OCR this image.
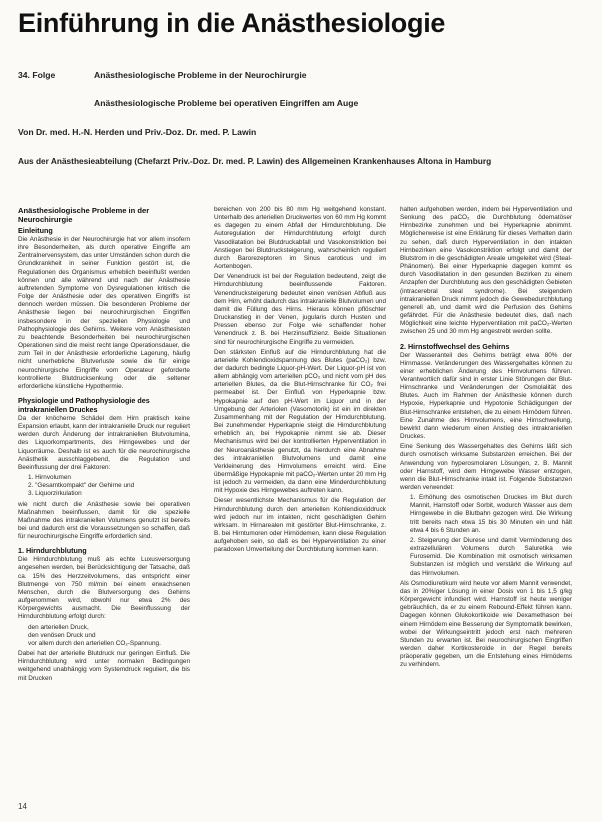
Einführung in die Anästhesiologie
34. Folge	Anästhesiologische Probleme in der Neurochirurgie
Anästhesiologische Probleme bei operativen Eingriffen am Auge
Von Dr. med. H.-N. Herden und Priv.-Doz. Dr. med. P. Lawin
Aus der Anästhesieabteilung (Chefarzt Priv.-Doz. Dr. med. P. Lawin) des Allgemeinen Krankenhauses Altona in Hamburg
Anästhesiologische Probleme in der Neurochirurgie
Einleitung

Die Anästhesie in der Neurochirurgie hat vor allem insofern ihre Besonderheiten, als durch operative Eingriffe am Zentralnervensystem, das unter Umständen schon durch die Grundkrankheit in seiner Funktion gestört ist, die Regulationen des Organismus erheblich beeinflußt werden können und alle während und nach der Anästhesie auftretenden Symptome von Dysregulationen kritisch die Folge der Anästhesie oder des operativen Eingriffs ist dennoch werden müssen. Die besonderen Probleme der Anästhesie liegen bei neurochirurgischen Eingriffen insbesondere in der speziellen Physiologie und Pathophysiologie des Gehirns. Weitere vom Anästhesisten zu beachtende Besonderheiten bei neurochirurgischen Operationen sind die meist recht lange Operationsdauer, die zum Teil in der Anästhesie erforderliche Lagerung, häufig nicht unerhebliche Blutverluste sowie die für einige neurochirurgische Eingriffe vom Operateur geforderte kontrollierte Blutdrucksenkung oder die seltener erforderliche künstliche Hypothermie.

Physiologie und Pathophysiologie des intrakraniellen Druckes

Da der knöcherne Schädel dem Hirn praktisch keine Expansion erlaubt, kann der intrakranielle Druck nur reguliert werden durch Änderung der intrakraniellen Blutvolumina, des Liquorkompartments, des Hirngewebes und der Liquorräume. Deshalb ist es auch für die neurochirurgische Anästhetik ausschlaggebend, die Regulation und Beeinflussung der drei Faktoren:

1. Hirnvolumen
2. "Gesamtkompakt" der Gehirne und
3. Liquorzirkulation

wie nicht durch die Anästhesie sowie bei operativen Maßnahmen beeinflussen, damit für die spezielle Maßnahme des intrakraniellen Volumens genutzt ist bereits bei und dadurch erst die Voraussetzungen so schaffen, daß für neurochirurgische Eingriffe erforderlich sind.

1. Hirndurchblutung

Die Hirndurchblutung muß als echte Luxusversorgung angesehen werden, bei Berücksichtigung der Tatsache, daß ca. 15% des Herzzeitvolumens, das entspricht einer Blutmenge von 750 ml/min bei einem erwachsenen Menschen, durch die Blutversorgung des Gehirns aufgenommen wird, obwohl nur etwa 2% des Körpergewichts ausmacht. Die Beeinflussung der Hirndurchblutung erfolgt durch:

den arteriellen Druck,
den venösen Druck und
vor allem durch den arteriellen CO₂-Spannung.

Dabei hat der arterielle Blutdruck nur geringen Einfluß. Die Hirndurchblutung wird unter normalen Bedingungen weitgehend unabhängig vom Systemdruck reguliert, die bis mit Drucken

bereichen von 200 bis 80 mm Hg weitgehend konstant. Unterhalb des arteriellen Druckwertes von 60 mm Hg kommt es dagegen zu einem Abfall der Hirndurchblutung. Die Autoregulation der Hirndurchblutung erfolgt durch Vasodilatation bei Blutdruckabfall und Vasokonstriktion bei Anstiegen bei Blutdrucksteigerung, wahrscheinlich reguliert durch Barorezeptoren im Sinus caroticus und im Aortenbogen.

Der Venendruck ist bei der Regulation bedeutend, zeigt die Hirndurchblutung beeinflussende Faktoren. Venendrucksteigerung bedeutet einen venösen Abfluß aus dem Hirn, erhöht dadurch das intrakranielle Blutvolumen und damit die Füllung des Hirns. Hieraus können pflöschter Druckanstieg in der Venen, jugularis durch Husten und Pressen ebenso zur Folge wie schaffender hoher Venendruck z. B. bei Herzinsuffizienz. Beide Situationen sind für neurochirurgische Eingriffe zu vermeiden.

Den stärksten Einfluß auf die Hirndurchblutung hat die arterielle Kohlendioxidspannung des Blutes (paCO₂) bzw. der dadurch bedingte Liquor-pH-Wert. Der Liquor-pH ist von allem abhängig vom arteriellen pCO₂ und nicht vom pH des arteriellen Blutes, da die Blut-Hirnschranke für CO₂ frei permeabel ist. Der Einfluß von Hyperkapnie bzw. Hypokapnie auf den pH-Wert im Liquor und in der Umgebung der Arteriolen (Vasomotorik) ist ein im direkten Zusammenhang mit der Regulation der Hirndurchblutung. Bei zunehmender Hyperkapnie steigt die Hirndurchblutung erheblich an, bei Hypokapnie nimmt sie ab. Dieser Mechanismus wird bei der kontrollierten Hyperventilation in der Neuroanästhesie genutzt, da hierdurch eine Abnahme des intrakraniellen Blutvolumens und damit eine Verkleinerung des Hirnvolumens erreicht wird. Eine übermäßige Hypokapnie mit paCO₂-Werten unter 20 mm Hg ist jedoch zu vermeiden, da dann eine Minderdurchblutung mit Hypoxie des Hirngewebes auftreten kann.

Dieser wesentlichste Mechanismus für die Regulation der Hirndurchblutung durch den arteriellen Kohlendioxiddruck wird jedoch nur im intakten, nicht geschädigten Gehirn wirksam. In Hirnarealen mit gestörter Blut-Hirnschranke, z. B. bei Hirntumoren oder Hirnödemen, kann diese Regulation aufgehoben sein, so daß es bei Hyperventilation zu einer paradoxen Umverteilung der Durchblutung kommen kann.

halten aufgehoben werden, indem bei Hyperventilation und Senkung des paCO₂ die Durchblutung ödematöser Hirnbezirke zunehmen und bei Hyperkapnie abnimmt. Möglicherweise ist eine Erklärung für dieses Verhalten darin zu sehen, daß durch Hyperventilation in den intakten Hirnbezirken eine Vasokonstriktion erfolgt und damit der Blutstrom in die geschädigten Areale umgeleitet wird (Steal-Phänomen). Bei einer Hyperkapnie dagegen kommt es durch Vasodilatation in den gesunden Bezirken zu einem Anzapfen der Durchblutung aus den geschädigten Gebieten (intracerebral steal syndrome). Bei steigendem intrakraniellen Druck nimmt jedoch die Gewebedurchblutung generell ab, und damit wird die Perfusion des Gehirns gefährdet. Für die Anästhesie bedeutet dies, daß nach Möglichkeit eine leichte Hyperventilation mit paCO₂-Werten zwischen 25 und 30 mm Hg angestrebt werden sollte.

2. Hirnstoffwechsel des Gehirns

Der Wasseranteil des Gehirns beträgt etwa 80% der Hirnmasse. Veränderungen des Wassergehaltes können zu einer erheblichen Änderung des Hirnvolumens führen. Verantwortlich dafür sind in erster Linie Störungen der Blut-Hirnschranke und Veränderungen der Osmolalität des Blutes. Auch im Rahmen der Anästhesie können durch Hypoxie, Hyperkapnie und Hypotonie Schädigungen der Blut-Hirnschranke entstehen, die zu einem Hirnödem führen. Eine Zunahme des Hirnvolumens, eine Hirnschwellung, bewirkt dann wiederum einen Anstieg des intrakraniellen Druckes.

Eine Senkung des Wassergehaltes des Gehirns läßt sich durch osmotisch wirksame Substanzen erreichen. Bei der Anwendung von hyperosmolaren Lösungen, z. B. Mannit oder Harnstoff, wird dem Hirngewebe Wasser entzogen, wenn die Blut-Hirnschranke intakt ist. Folgende Substanzen werden verwendet:

1. Erhöhung des osmotischen Druckes im Blut durch Mannit, Harnstoff oder Sorbit, wodurch Wasser aus dem Hirngewebe in die Blutbahn gezogen wird. Die Wirkung tritt bereits nach etwa 15 bis 30 Minuten ein und hält etwa 4 bis 6 Stunden an.
2. Steigerung der Diurese und damit Verminderung des extrazellulären Volumens durch Saluretika wie Furosemid. Die Kombination mit osmotisch wirksamen Substanzen ist möglich und verstärkt die Wirkung auf das Hirnvolumen.

Als Osmodiuretikum wird heute vor allem Mannit verwendet, das in 20%iger Lösung in einer Dosis von 1 bis 1,5 g/kg Körpergewicht infundiert wird. Harnstoff ist heute weniger gebräuchlich, da er zu einem Rebound-Effekt führen kann. Dagegen können Glukokortikoide wie Dexamethason bei einem Hirnödem eine Besserung der Symptomatik bewirken, wobei der Wirkungseintritt jedoch erst nach mehreren Stunden zu erwarten ist. Bei neurochirurgischen Eingriffen werden daher Kortikosteroide in der Regel bereits präoperativ gegeben, um die Entstehung eines Hirnödems zu verhindern.

14
